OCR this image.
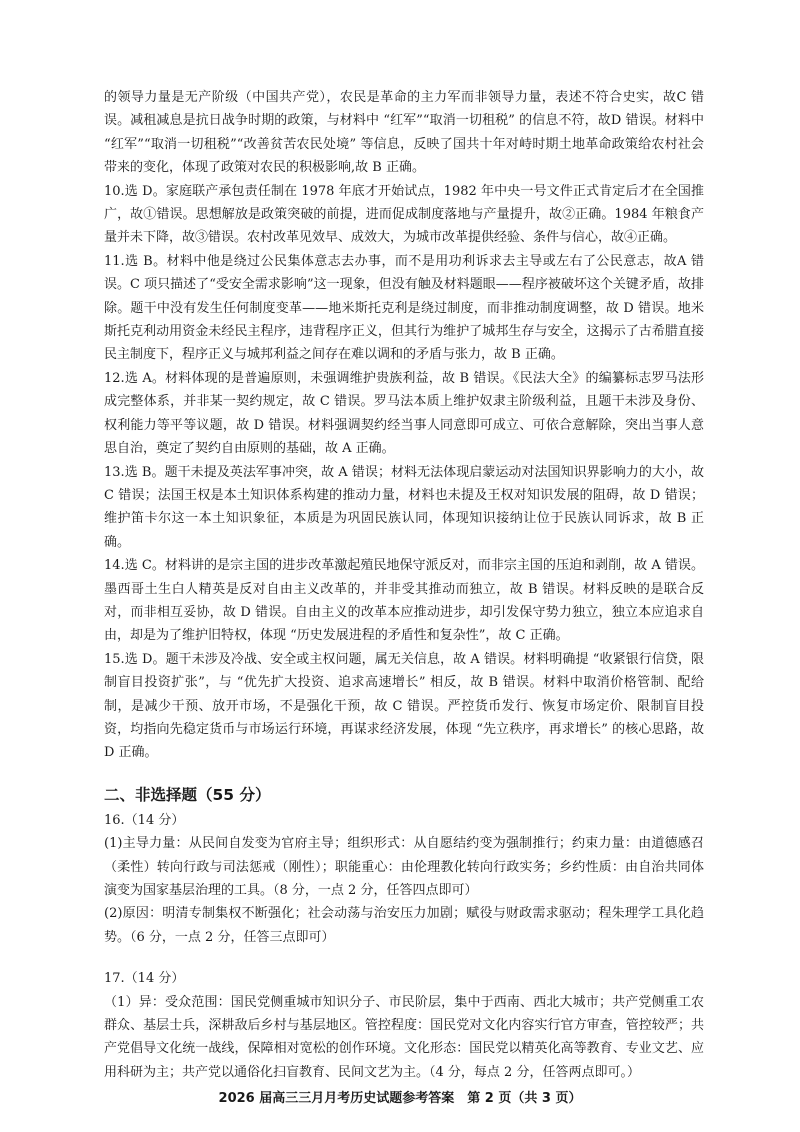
的领导力量是无产阶级（中国共产党），农民是革命的主力军而非领导力量，表述不符合史实，故C 错误。减租减息是抗日战争时期的政策，与材料中 “红军”“取消一切租税” 的信息不符，故D 错误。材料中 “红军”“取消一切租税”“改善贫苦农民处境” 等信息，反映了国共十年对峙时期土地革命政策给农村社会带来的变化，体现了政策对农民的积极影响,故 B 正确。

10.选 D。家庭联产承包责任制在 1978 年底才开始试点，1982 年中央一号文件正式肯定后才在全国推广，故①错误。思想解放是政策突破的前提，进而促成制度落地与产量提升，故②正确。1984 年粮食产量并未下降，故③错误。农村改革见效早、成效大，为城市改革提供经验、条件与信心，故④正确。

11.选 B。材料中他是绕过公民集体意志去办事，而不是用功利诉求去主导或左右了公民意志，故A 错误。C 项只描述了“受安全需求影响”这一现象，但没有触及材料题眼——程序被破坏这个关键矛盾，故排除。题干中没有发生任何制度变革——地米斯托克利是绕过制度，而非推动制度调整，故 D 错误。地米斯托克利动用资金未经民主程序，违背程序正义，但其行为维护了城邦生存与安全，这揭示了古希腊直接民主制度下，程序正义与城邦利益之间存在难以调和的矛盾与张力，故 B 正确。

12.选 A。材料体现的是普遍原则，未强调维护贵族利益，故 B 错误。《民法大全》的编纂标志罗马法形成完整体系，并非某一契约规定，故 C 错误。罗马法本质上维护奴隶主阶级利益，且题干未涉及身份、权利能力等平等议题，故 D 错误。材料强调契约经当事人同意即可成立、可依合意解除，突出当事人意思自治，奠定了契约自由原则的基础，故 A 正确。

13.选 B。题干未提及英法军事冲突，故 A 错误；材料无法体现启蒙运动对法国知识界影响力的大小，故 C 错误；法国王权是本土知识体系构建的推动力量，材料也未提及王权对知识发展的阻碍，故 D 错误；维护笛卡尔这一本土知识象征，本质是为巩固民族认同，体现知识接纳让位于民族认同诉求，故 B 正确。

14.选 C。材料讲的是宗主国的进步改革激起殖民地保守派反对，而非宗主国的压迫和剥削，故 A 错误。墨西哥土生白人精英是反对自由主义改革的，并非受其推动而独立，故 B 错误。材料反映的是联合反对，而非相互妥协，故 D 错误。自由主义的改革本应推动进步，却引发保守势力独立，独立本应追求自由，却是为了维护旧特权，体现 “历史发展进程的矛盾性和复杂性”，故 C 正确。

15.选 D。题干未涉及冷战、安全或主权问题，属无关信息，故 A 错误。材料明确提 “收紧银行信贷，限制盲目投资扩张”，与 “优先扩大投资、追求高速增长” 相反，故 B 错误。材料中取消价格管制、配给制，是减少干预、放开市场，不是强化干预，故 C 错误。严控货币发行、恢复市场定价、限制盲目投资，均指向先稳定货币与市场运行环境，再谋求经济发展，体现 “先立秩序，再求增长” 的核心思路，故 D 正确。

二、非选择题（55 分）

16.（14 分）

(1)主导力量：从民间自发变为官府主导；组织形式：从自愿结约变为强制推行；约束力量：由道德感召（柔性）转向行政与司法惩戒（刚性）；职能重心：由伦理教化转向行政实务；乡约性质：由自治共同体演变为国家基层治理的工具。（8 分，一点 2 分，任答四点即可）

(2)原因：明清专制集权不断强化；社会动荡与治安压力加剧；赋役与财政需求驱动；程朱理学工具化趋势。（6 分，一点 2 分，任答三点即可）

17.（14 分）

（1）异：受众范围：国民党侧重城市知识分子、市民阶层，集中于西南、西北大城市；共产党侧重工农群众、基层士兵，深耕敌后乡村与基层地区。管控程度：国民党对文化内容实行官方审查，管控较严；共产党倡导文化统一战线，保障相对宽松的创作环境。文化形态：国民党以精英化高等教育、专业文艺、应用科研为主；共产党以通俗化扫盲教育、民间文艺为主。（4 分，每点 2 分，任答两点即可。）

2026 届高三三月月考历史试题参考答案　第 2 页（共 3 页）
